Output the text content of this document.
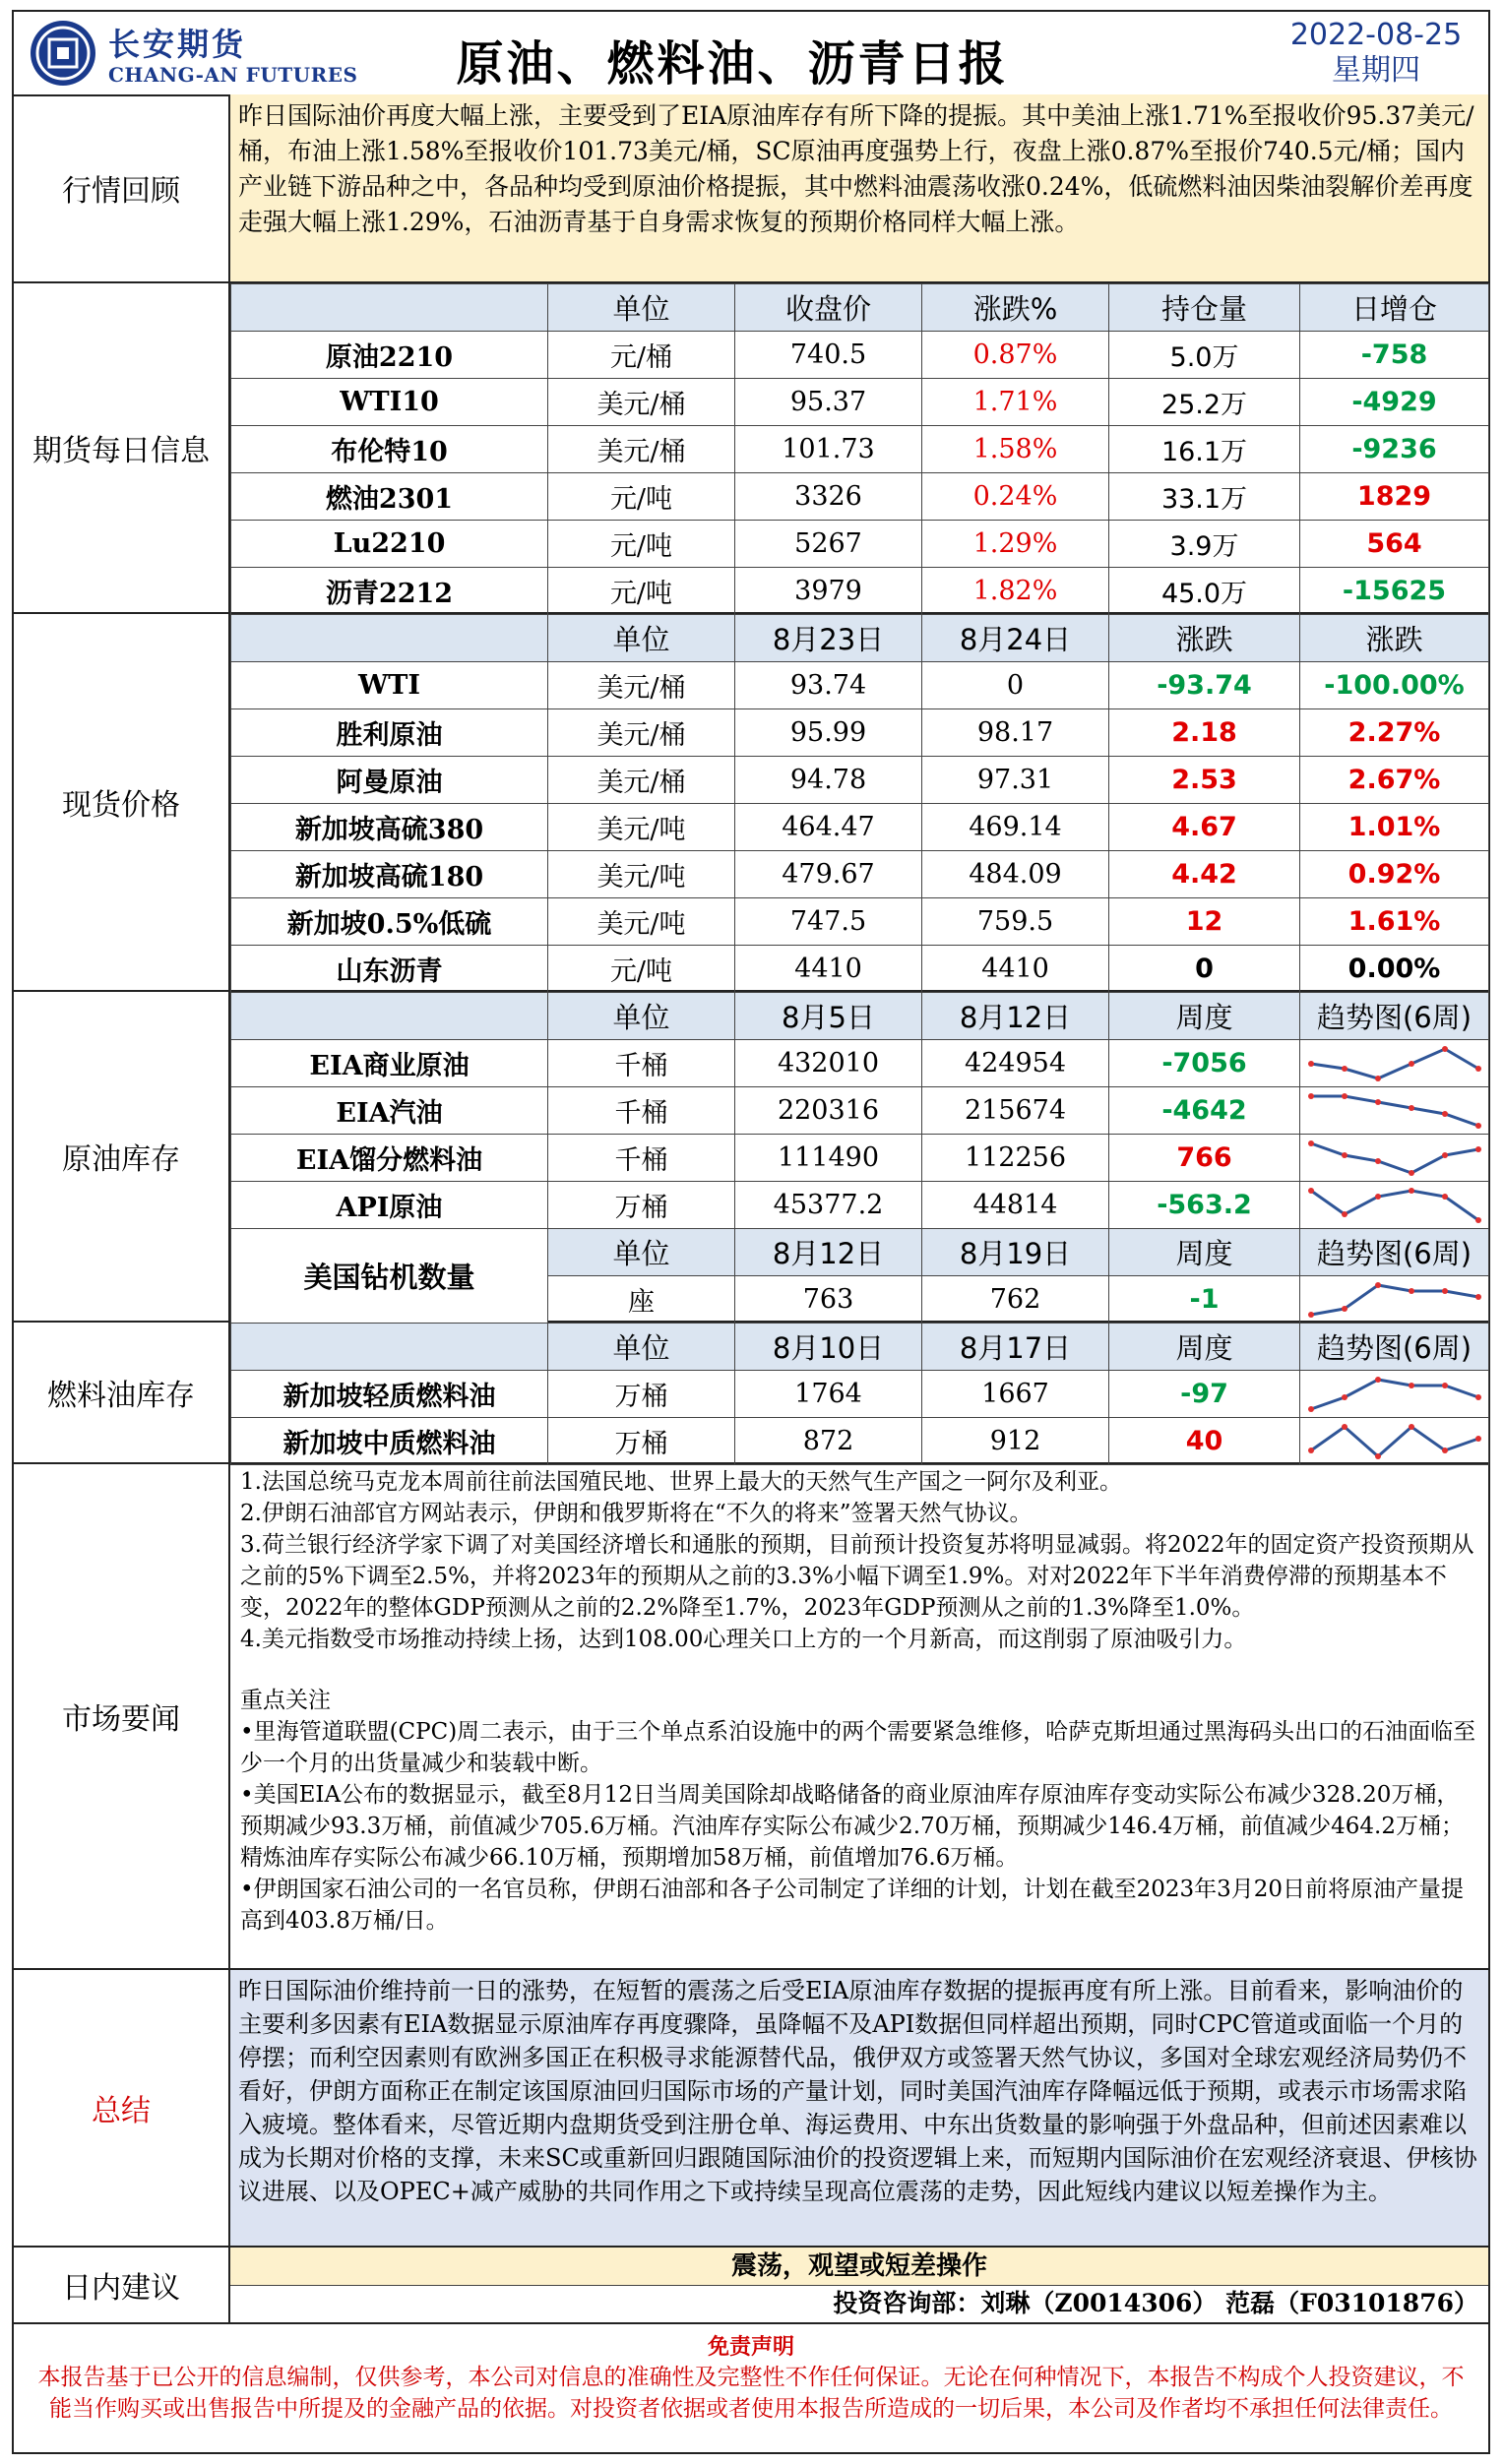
长安期货
CHANG-AN FUTURES	原油、燃料油、沥青日报
2022-08-25
星期四
行情回顾
昨日国际油价再度大幅上涨，主要受到了EIA原油库存有所下降的提振。其中美油上涨1.71%至报收价95.37美元/桶，布油上涨1.58%至报收价101.73美元/桶，SC原油再度强势上行，夜盘上涨0.87%至报价740.5元/桶；国内产业链下游品种之中，各品种均受到原油价格提振，其中燃料油震荡收涨0.24%，低硫燃料油因柴油裂解价差再度走强大幅上涨1.29%，石油沥青基于自身需求恢复的预期价格同样大幅上涨。
期货每日信息
	单位	收盘价	涨跌%	持仓量	日增仓
原油2210	元/桶	740.5	0.87%	5.0万	-758
WTI10	美元/桶	95.37	1.71%	25.2万	-4929
布伦特10	美元/桶	101.73	1.58%	16.1万	-9236
燃油2301	元/吨	3326	0.24%	33.1万	1829
Lu2210	元/吨	5267	1.29%	3.9万	564
沥青2212	元/吨	3979	1.82%	45.0万	-15625
现货价格
	单位	8月23日	8月24日	涨跌	涨跌
WTI	美元/桶	93.74	0	-93.74	-100.00%
胜利原油	美元/桶	95.99	98.17	2.18	2.27%
阿曼原油	美元/桶	94.78	97.31	2.53	2.67%
新加坡高硫380	美元/吨	464.47	469.14	4.67	1.01%
新加坡高硫180	美元/吨	479.67	484.09	4.42	0.92%
新加坡0.5%低硫	美元/吨	747.5	759.5	12	1.61%
山东沥青	元/吨	4410	4410	0	0.00%
原油库存
	单位	8月5日	8月12日	周度	趋势图(6周)
EIA商业原油	千桶	432010	424954	-7056	

EIA汽油	千桶	220316	215674	-4642	

EIA馏分燃料油	千桶	111490	112256	766	

API原油	万桶	45377.2	44814	-563.2	

美国钻机数量	单位	8月12日	8月19日	周度	趋势图(6周)
	座	763	762	-1	
燃料油库存
	单位	8月10日	8月17日	周度	趋势图(6周)
新加坡轻质燃料油	万桶	1764	1667	-97	

新加坡中质燃料油	万桶	872	912	40	
市场要闻

1.法国总统马克龙本周前往前法国殖民地、世界上最大的天然气生产国之一阿尔及利亚。

2.伊朗石油部官方网站表示，伊朗和俄罗斯将在“不久的将来”签署天然气协议。

3.荷兰银行经济学家下调了对美国经济增长和通胀的预期，目前预计投资复苏将明显减弱。将2022年的固定资产投资预期从之前的5%下调至2.5%，并将2023年的预期从之前的3.3%小幅下调至1.9%。对对2022年下半年消费停滞的预期基本不变，2022年的整体GDP预测从之前的2.2%降至1.7%，2023年GDP预测从之前的1.3%降至1.0%。

4.美元指数受市场推动持续上扬，达到108.00心理关口上方的一个月新高，而这削弱了原油吸引力。

重点关注

•里海管道联盟(CPC)周二表示，由于三个单点系泊设施中的两个需要紧急维修，哈萨克斯坦通过黑海码头出口的石油面临至少一个月的出货量减少和装载中断。

•美国EIA公布的数据显示，截至8月12日当周美国除却战略储备的商业原油库存原油库存变动实际公布减少328.20万桶，预期减少93.3万桶，前值减少705.6万桶。汽油库存实际公布减少2.70万桶，预期减少146.4万桶，前值减少464.2万桶；精炼油库存实际公布减少66.10万桶，预期增加58万桶，前值增加76.6万桶。

•伊朗国家石油公司的一名官员称，伊朗石油部和各子公司制定了详细的计划，计划在截至2023年3月20日前将原油产量提高到403.8万桶/日。

总结
昨日国际油价维持前一日的涨势，在短暂的震荡之后受EIA原油库存数据的提振再度有所上涨。目前看来，影响油价的主要利多因素有EIA数据显示原油库存再度骤降，虽降幅不及API数据但同样超出预期，同时CPC管道或面临一个月的停摆；而利空因素则有欧洲多国正在积极寻求能源替代品，俄伊双方或签署天然气协议，多国对全球宏观经济局势仍不看好，伊朗方面称正在制定该国原油回归国际市场的产量计划，同时美国汽油库存降幅远低于预期，或表示市场需求陷入疲境。整体看来，尽管近期内盘期货受到注册仓单、海运费用、中东出货数量的影响强于外盘品种，但前述因素难以成为长期对价格的支撑，未来SC或重新回归跟随国际油价的投资逻辑上来，而短期内国际油价在宏观经济衰退、伊核协议进展、以及OPEC+减产威胁的共同作用之下或持续呈现高位震荡的走势，因此短线内建议以短差操作为主。
日内建议
震荡，观望或短差操作
投资咨询部：刘琳（Z0014306） 范磊（F03101876）
免责声明
本报告基于已公开的信息编制，仅供参考，本公司对信息的准确性及完整性不作任何保证。无论在何种情况下，本报告不构成个人投资建议，不能当作购买或出售报告中所提及的金融产品的依据。对投资者依据或者使用本报告所造成的一切后果，本公司及作者均不承担任何法律责任。
